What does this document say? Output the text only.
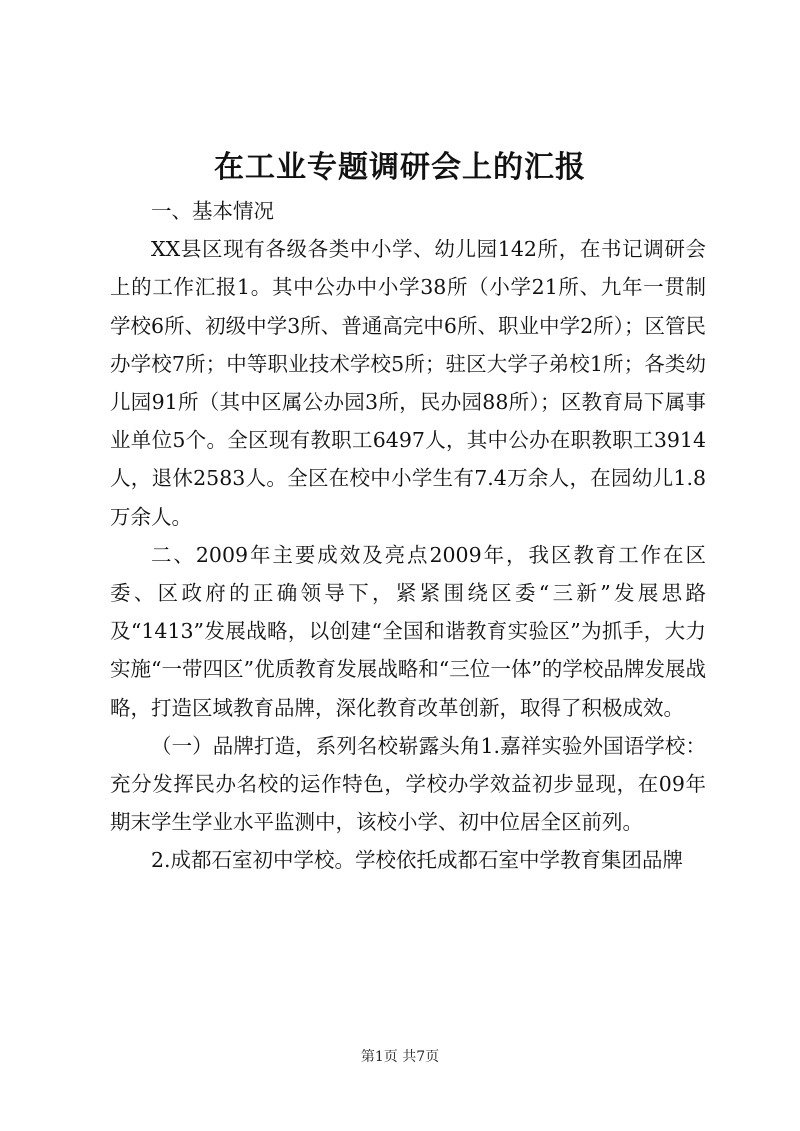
在工业专题调研会上的汇报

一、基本情况

XX县区现有各级各类中小学、幼儿园142所，在书记调研会上的工作汇报1。其中公办中小学38所（小学21所、九年一贯制学校6所、初级中学3所、普通高完中6所、职业中学2所）；区管民办学校7所；中等职业技术学校5所；驻区大学子弟校1所；各类幼儿园91所（其中区属公办园3所，民办园88所）；区教育局下属事业单位5个。全区现有教职工6497人，其中公办在职教职工3914人，退休2583人。全区在校中小学生有7.4万余人，在园幼儿1.8万余人。

二、2009年主要成效及亮点2009年，我区教育工作在区委、区政府的正确领导下，紧紧围绕区委“三新”发展思路及“1413”发展战略，以创建“全国和谐教育实验区”为抓手，大力实施“一带四区”优质教育发展战略和“三位一体”的学校品牌发展战略，打造区域教育品牌，深化教育改革创新，取得了积极成效。

（一）品牌打造，系列名校崭露头角1.嘉祥实验外国语学校：充分发挥民办名校的运作特色，学校办学效益初步显现，在09年期末学生学业水平监测中，该校小学、初中位居全区前列。

2.成都石室初中学校。学校依托成都石室中学教育集团品牌

第1页 共7页
